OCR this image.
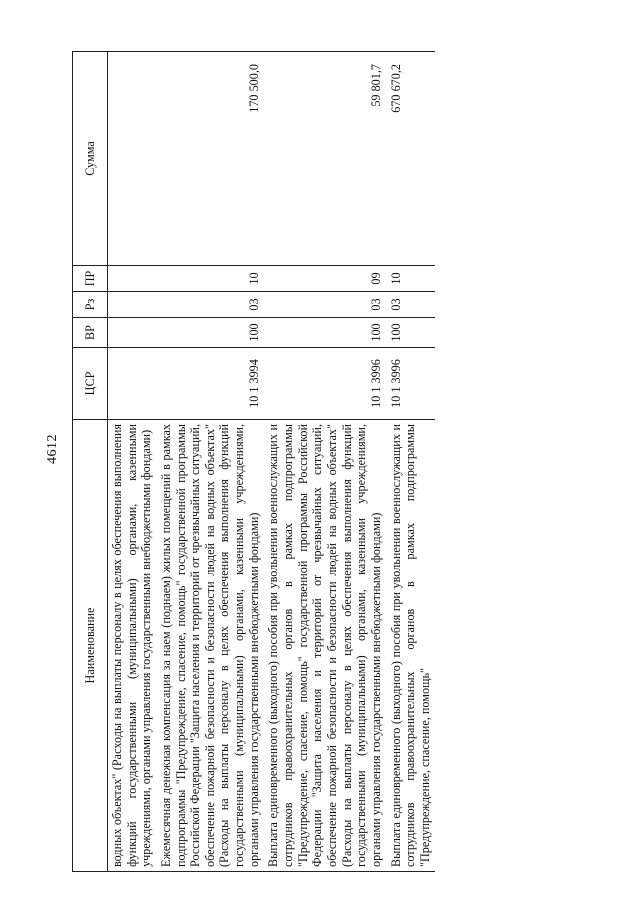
4612
Наименование	ЦСР	ВР	Рз	ПР	Сумма
водных объектах" (Расходы на выплаты персоналу в целях обеспечения выполнения функций государственными (муниципальными) органами, казенными учреждениями, органами управления государственными внебюджетными фондами)					
Ежемесячная денежная компенсация за наем (поднаем) жилых помещений в рамках подпрограммы "Предупреждение, спасение, помощь" государственной программы Российской Федерации "Защита населения и территорий от чрезвычайных ситуаций, обеспечение пожарной безопасности и безопасности людей на водных объектах" (Расходы на выплаты персоналу в целях обеспечения выполнения функций государственными (муниципальными) органами, казенными учреждениями, органами управления государственными внебюджетными фондами)	10 1 3994	100	03	10	170 500,0
Выплата единовременного (выходного) пособия при увольнении военнослужащих и сотрудников правоохранительных органов в рамках подпрограммы "Предупреждение, спасение, помощь" государственной программы Российской Федерации "Защита населения и территорий от чрезвычайных ситуаций, обеспечение пожарной безопасности и безопасности людей на водных объектах" (Расходы на выплаты персоналу в целях обеспечения выполнения функций государственными (муниципальными) органами, казенными учреждениями, органами управления государственными внебюджетными фондами)	10 1 3996	100	03	09	59 801,7
Выплата единовременного (выходного) пособия при увольнении военнослужащих и сотрудников правоохранительных органов в рамках подпрограммы "Предупреждение, спасение, помощь"	10 1 3996	100	03	10	670 670,2
